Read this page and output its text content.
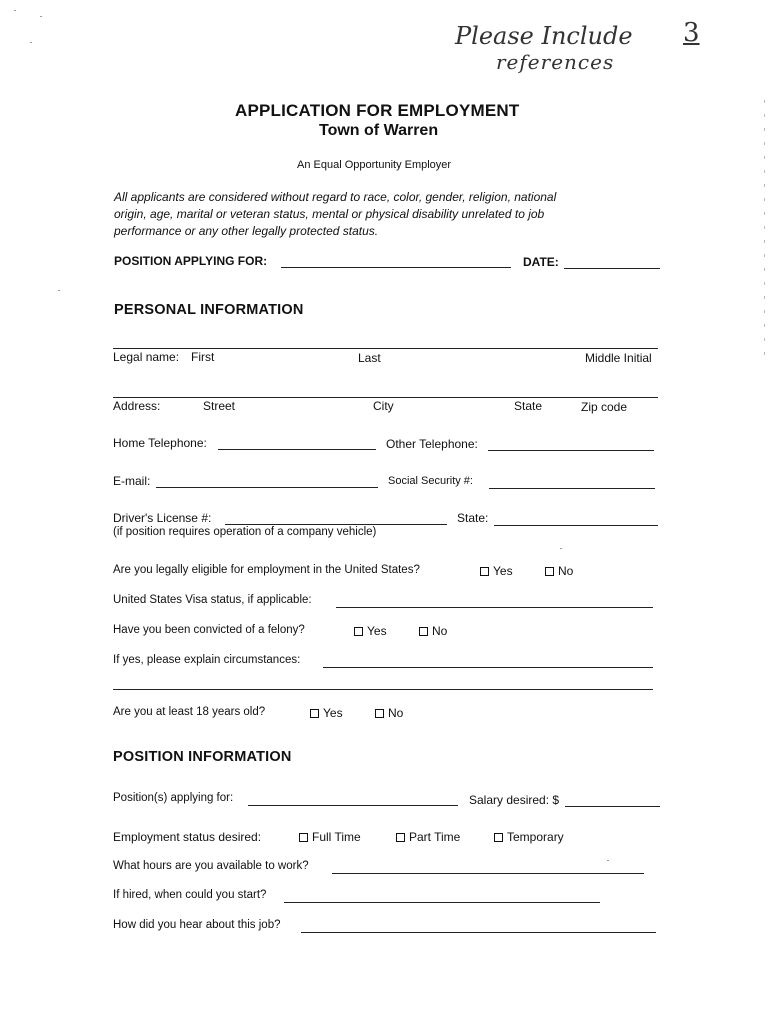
Please Include
references
3
APPLICATION FOR EMPLOYMENT
Town of Warren
An Equal Opportunity Employer
All applicants are considered without regard to race, color, gender, religion, national
origin, age, marital or veteran status, mental or physical disability unrelated to job
performance or any other legally protected status.
POSITION APPLYING FOR:	DATE:
PERSONAL INFORMATION
Legal name: First	Last	Middle Initial
Address:	Street	City	State	Zip code
Home Telephone:	Other Telephone:
E-mail:	Social Security #:
Driver's License #:	State:
(if position requires operation of a company vehicle)
Are you legally eligible for employment in the United States?	Yes	No
United States Visa status, if applicable:
Have you been convicted of a felony?	Yes	No
If yes, please explain circumstances:
Are you at least 18 years old?	Yes	No
POSITION INFORMATION
Position(s) applying for:	Salary desired: $
Employment status desired:	Full Time	Part Time	Temporary
What hours are you available to work?
If hired, when could you start?
How did you hear about this job?
